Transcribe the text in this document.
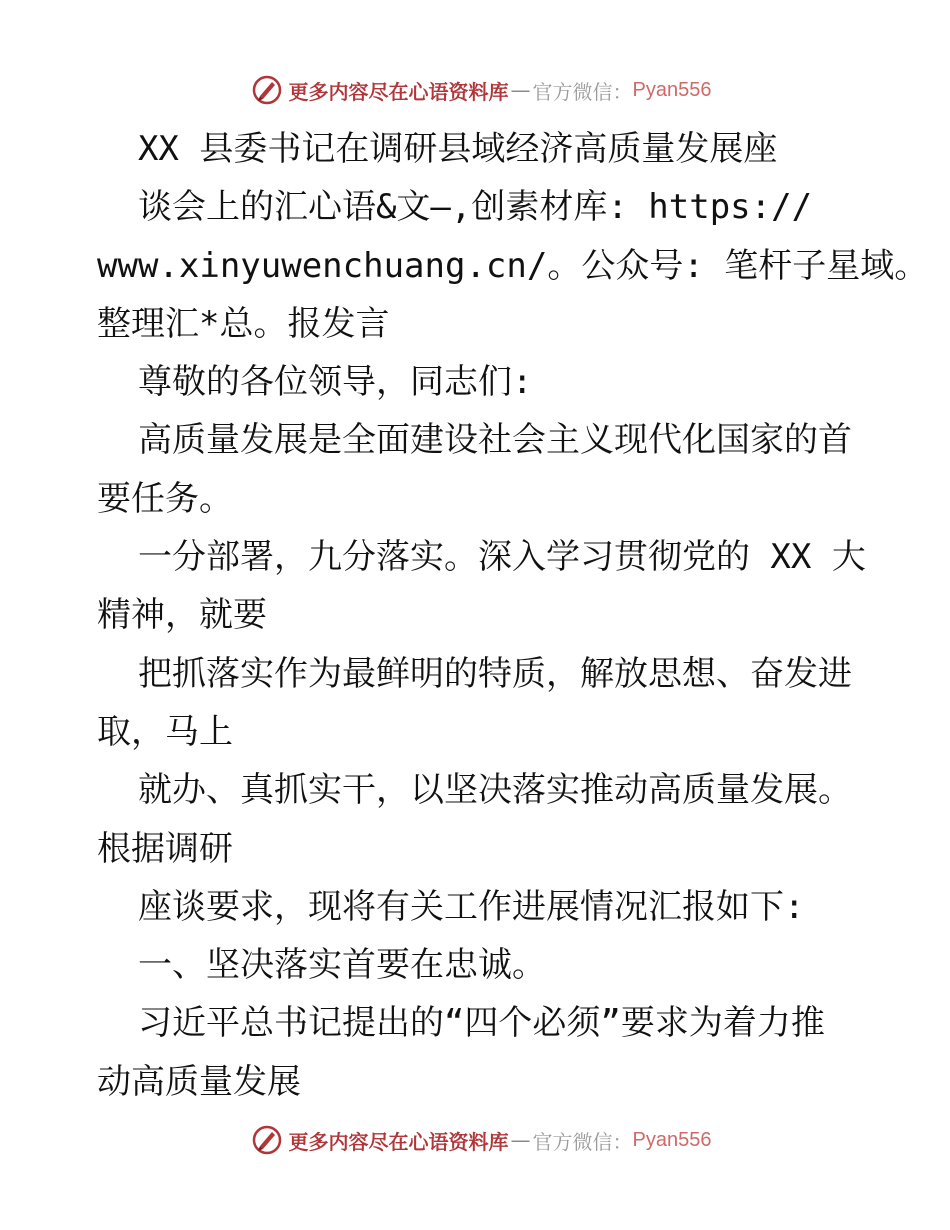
更多内容尽在心语资料库 — 官方微信： Pyan556
XX 县委书记在调研县域经济高质量发展座
谈会上的汇心语&文—,创素材库: https://
www.xinyuwenchuang.cn/。公众号: 笔杆子星域。
整理汇*总。报发言
尊敬的各位领导，同志们:
高质量发展是全面建设社会主义现代化国家的首
要任务。
一分部署，九分落实。深入学习贯彻党的 XX 大
精神，就要
把抓落实作为最鲜明的特质，解放思想、奋发进
取，马上
就办、真抓实干，以坚决落实推动高质量发展。
根据调研
座谈要求，现将有关工作进展情况汇报如下:
一、坚决落实首要在忠诚。
习近平总书记提出的“四个必须”要求为着力推
动高质量发展
更多内容尽在心语资料库 — 官方微信： Pyan556
